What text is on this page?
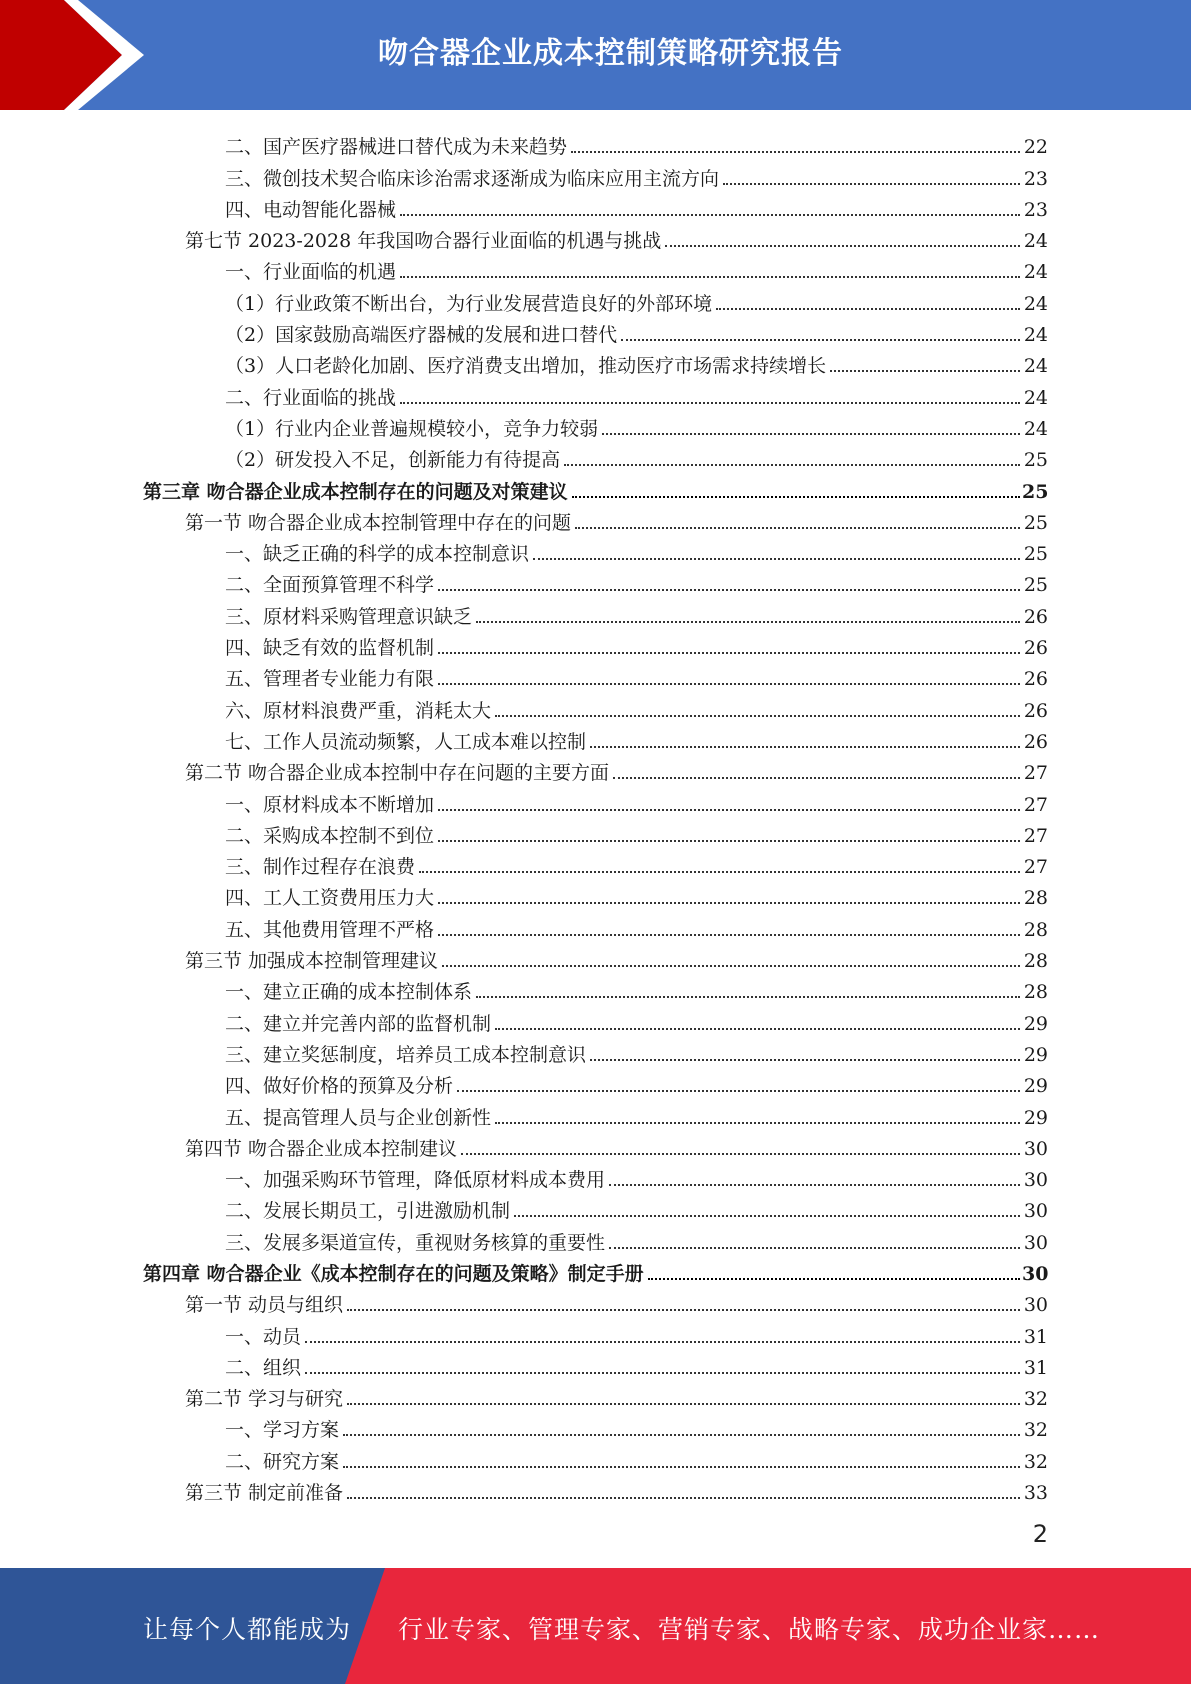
吻合器企业成本控制策略研究报告
二、国产医疗器械进口替代成为未来趋势	22
三、微创技术契合临床诊治需求逐渐成为临床应用主流方向	23
四、电动智能化器械	23
第七节 2023-2028 年我国吻合器行业面临的机遇与挑战	24
一、行业面临的机遇	24
（1）行业政策不断出台，为行业发展营造良好的外部环境	24
（2）国家鼓励高端医疗器械的发展和进口替代	24
（3）人口老龄化加剧、医疗消费支出增加，推动医疗市场需求持续增长	24
二、行业面临的挑战	24
（1）行业内企业普遍规模较小，竞争力较弱	24
（2）研发投入不足，创新能力有待提高	25
第三章 吻合器企业成本控制存在的问题及对策建议	25
第一节 吻合器企业成本控制管理中存在的问题	25
一、缺乏正确的科学的成本控制意识	25
二、全面预算管理不科学	25
三、原材料采购管理意识缺乏	26
四、缺乏有效的监督机制	26
五、管理者专业能力有限	26
六、原材料浪费严重，消耗太大	26
七、工作人员流动频繁，人工成本难以控制	26
第二节 吻合器企业成本控制中存在问题的主要方面	27
一、原材料成本不断增加	27
二、采购成本控制不到位	27
三、制作过程存在浪费	27
四、工人工资费用压力大	28
五、其他费用管理不严格	28
第三节 加强成本控制管理建议	28
一、建立正确的成本控制体系	28
二、建立并完善内部的监督机制	29
三、建立奖惩制度，培养员工成本控制意识	29
四、做好价格的预算及分析	29
五、提高管理人员与企业创新性	29
第四节 吻合器企业成本控制建议	30
一、加强采购环节管理，降低原材料成本费用	30
二、发展长期员工，引进激励机制	30
三、发展多渠道宣传，重视财务核算的重要性	30
第四章 吻合器企业《成本控制存在的问题及策略》制定手册	30
第一节 动员与组织	30
一、动员	31
二、组织	31
第二节 学习与研究	32
一、学习方案	32
二、研究方案	32
第三节 制定前准备	33
2
让每个人都能成为 行业专家、管理专家、营销专家、战略专家、成功企业家……
